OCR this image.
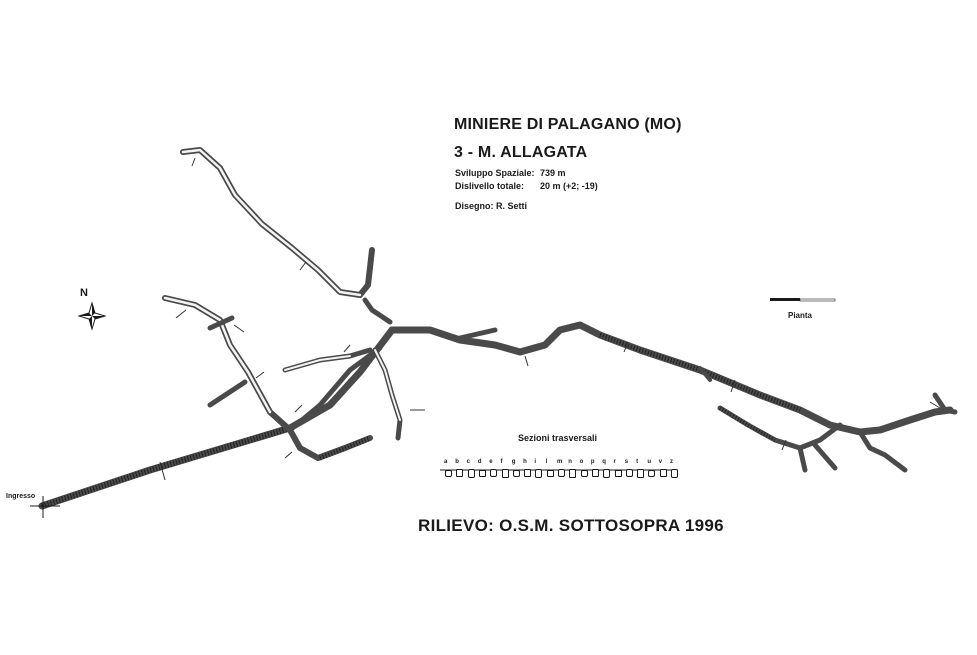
a b c d e f g h i l m n o p q r s t u v z
MINIERE DI PALAGANO (MO)
3 - M. ALLAGATA
Sviluppo Spaziale: 739 m
Dislivello totale: 20 m (+2; -19)
Disegno: R. Setti
N
Ingresso
Pianta
Sezioni trasversali
RILIEVO: O.S.M. SOTTOSOPRA 1996
